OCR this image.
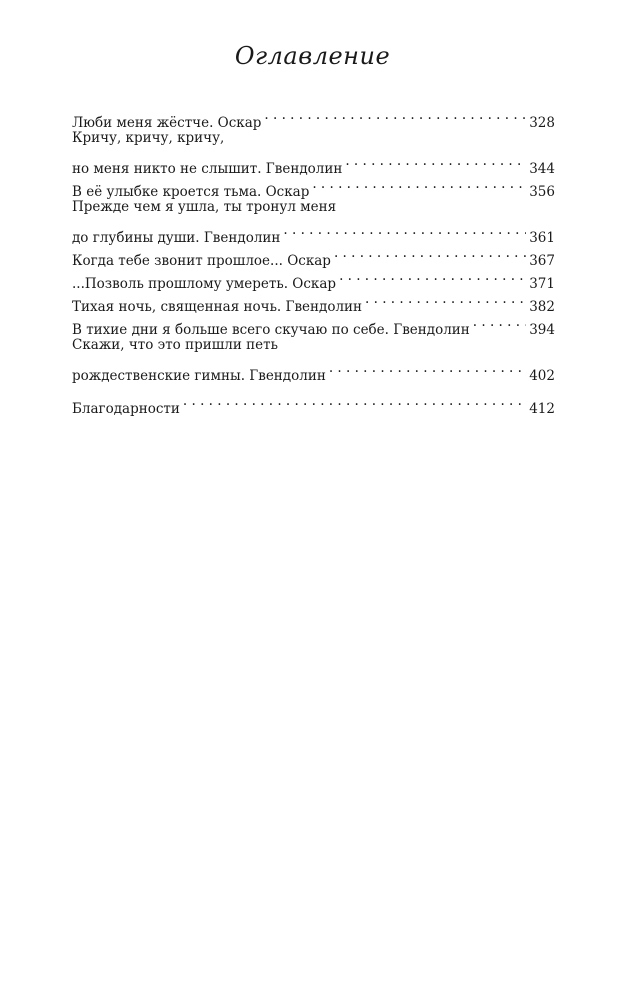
Оглавление
Люби меня жёстче. Оскар . . .	328
Кричу, кричу, кричу,
но меня никто не слышит. Гвендолин . . .	344
В её улыбке кроется тьма. Оскар . . .	356
Прежде чем я ушла, ты тронул меня
до глубины души. Гвендолин . . .	361
Когда тебе звонит прошлое... Оскар . . .	367
...Позволь прошлому умереть. Оскар . . .	371
Тихая ночь, священная ночь. Гвендолин . . .	382
В тихие дни я больше всего скучаю по себе. Гвендолин . . .	394
Скажи, что это пришли петь
рождественские гимны. Гвендолин . . .	402
Благодарности . . .	412
